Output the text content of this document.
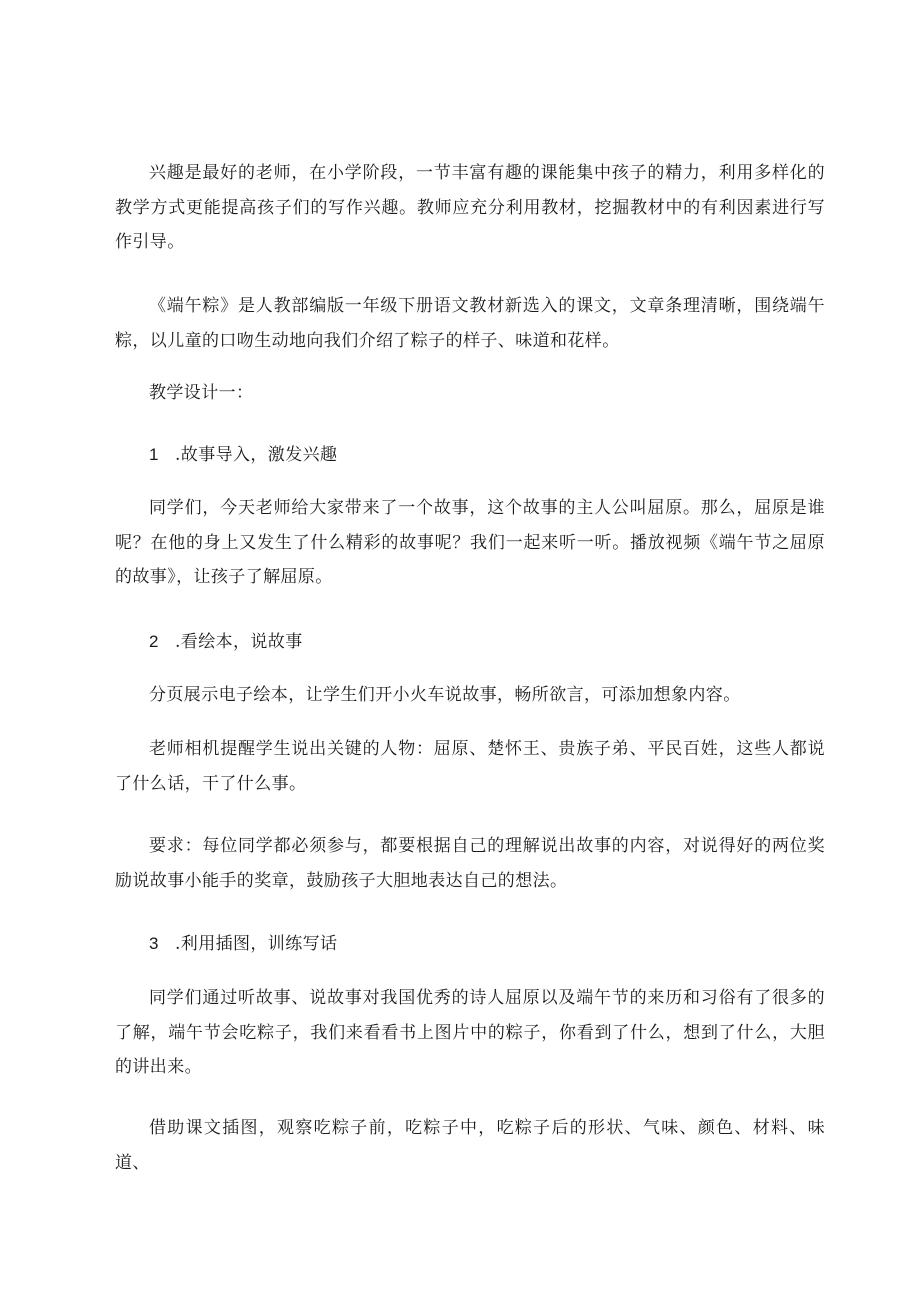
兴趣是最好的老师，在小学阶段，一节丰富有趣的课能集中孩子的精力，利用多样化的教学方式更能提高孩子们的写作兴趣。教师应充分利用教材，挖掘教材中的有利因素进行写作引导。

《端午粽》是人教部编版一年级下册语文教材新选入的课文，文章条理清晰，围绕端午粽，以儿童的口吻生动地向我们介绍了粽子的样子、味道和花样。

教学设计一：

1 .故事导入，激发兴趣

同学们，今天老师给大家带来了一个故事，这个故事的主人公叫屈原。那么，屈原是谁呢？在他的身上又发生了什么精彩的故事呢？我们一起来听一听。播放视频《端午节之屈原的故事》，让孩子了解屈原。

2 .看绘本，说故事

分页展示电子绘本，让学生们开小火车说故事，畅所欲言，可添加想象内容。

老师相机提醒学生说出关键的人物：屈原、楚怀王、贵族子弟、平民百姓，这些人都说了什么话，干了什么事。

要求：每位同学都必须参与，都要根据自己的理解说出故事的内容，对说得好的两位奖励说故事小能手的奖章，鼓励孩子大胆地表达自己的想法。

3 .利用插图，训练写话

同学们通过听故事、说故事对我国优秀的诗人屈原以及端午节的来历和习俗有了很多的了解，端午节会吃粽子，我们来看看书上图片中的粽子，你看到了什么，想到了什么，大胆的讲出来。

借助课文插图，观察吃粽子前，吃粽子中，吃粽子后的形状、气味、颜色、材料、味道、
